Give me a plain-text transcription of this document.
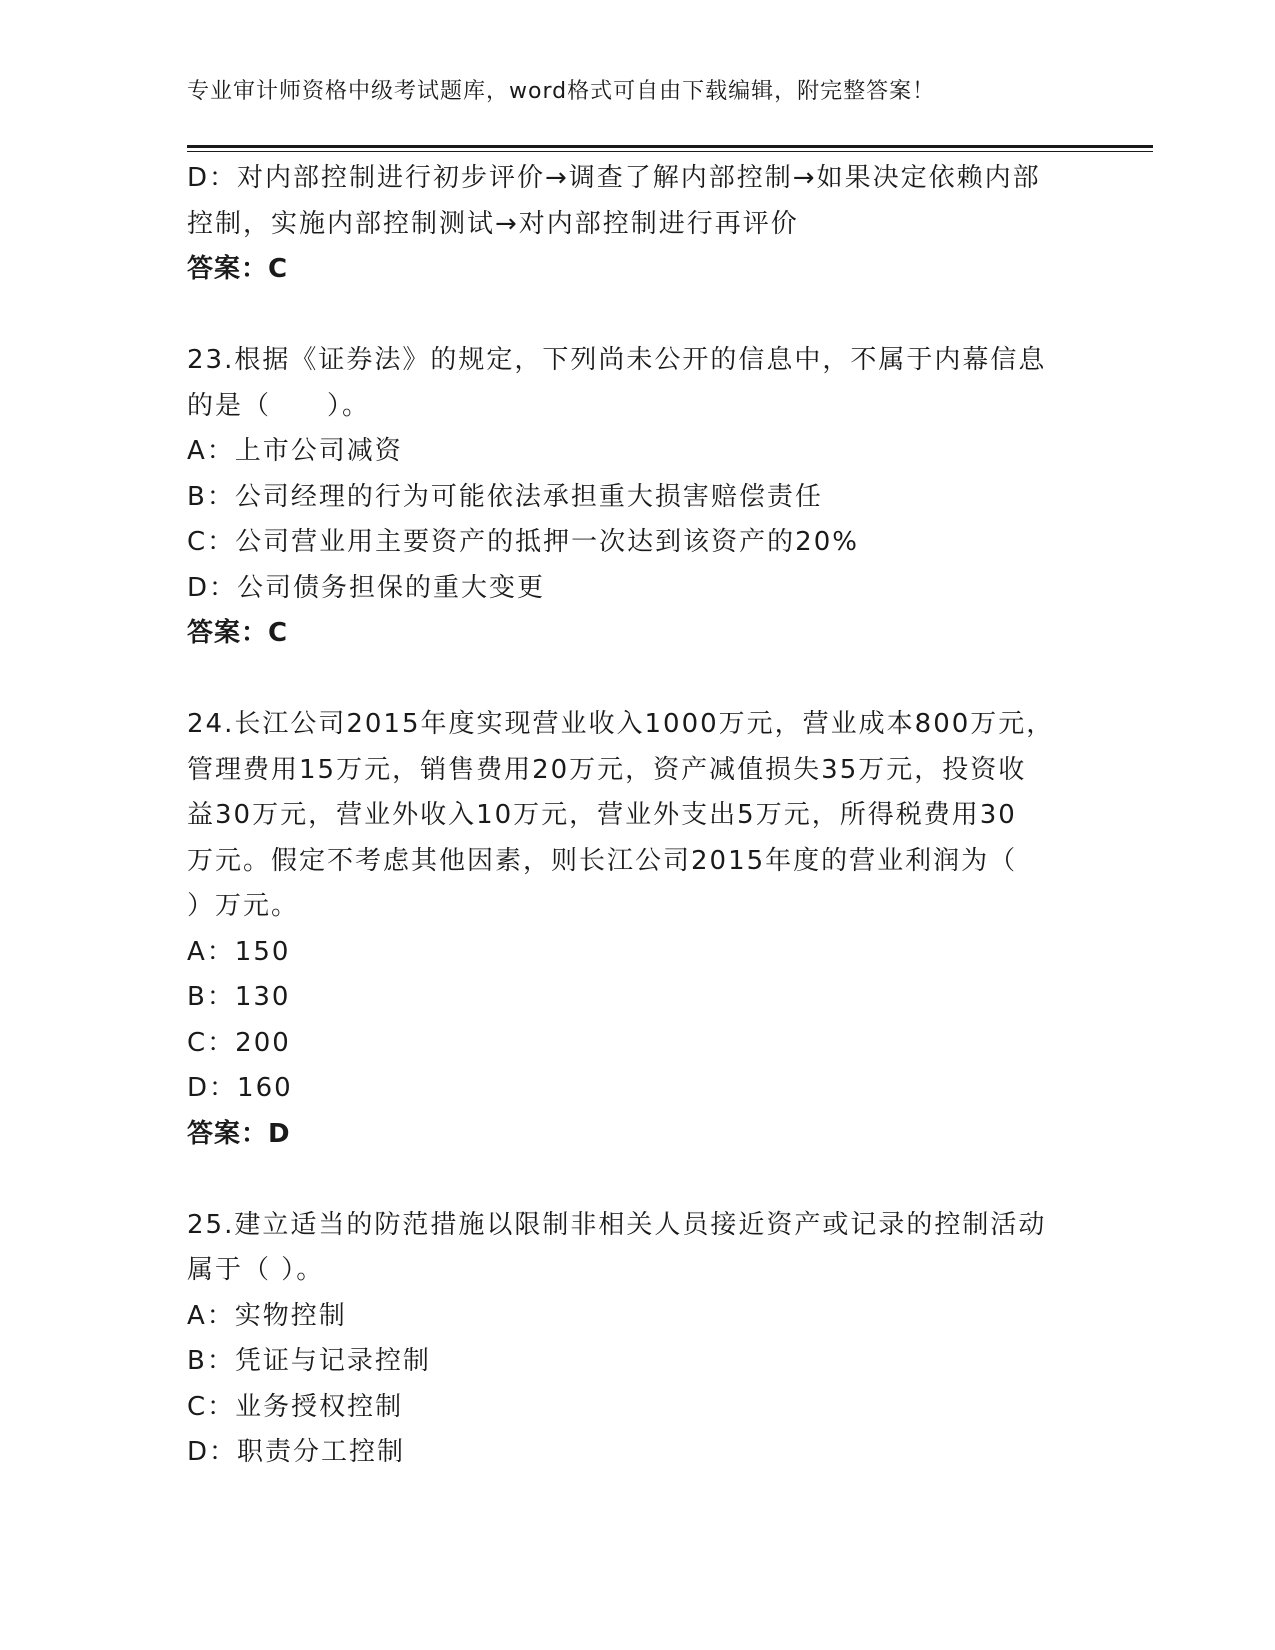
专业审计师资格中级考试题库，word格式可自由下载编辑，附完整答案！
D：对内部控制进行初步评价→调查了解内部控制→如果决定依赖内部
控制，实施内部控制测试→对内部控制进行再评价
答案：C
23.根据《证券法》的规定，下列尚未公开的信息中，不属于内幕信息
的是（　　）。
A：上市公司减资
B：公司经理的行为可能依法承担重大损害赔偿责任
C：公司营业用主要资产的抵押一次达到该资产的20%
D：公司债务担保的重大变更
答案：C
24.长江公司2015年度实现营业收入1000万元，营业成本800万元，
管理费用15万元，销售费用20万元，资产减值损失35万元，投资收
益30万元，营业外收入10万元，营业外支出5万元，所得税费用30
万元。假定不考虑其他因素，则长江公司2015年度的营业利润为（
）万元。
A：150
B：130
C：200
D：160
答案：D
25.建立适当的防范措施以限制非相关人员接近资产或记录的控制活动
属于（ ）。
A：实物控制
B：凭证与记录控制
C：业务授权控制
D：职责分工控制
